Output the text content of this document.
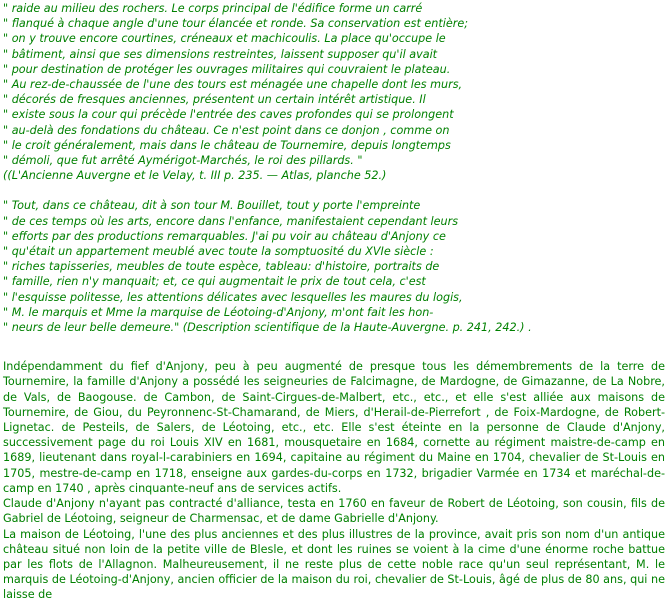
" raide au milieu des rochers. Le corps principal de l'édifice forme un carré
" flanqué à chaque angle d'une tour élancée et ronde. Sa conservation est entière;
" on y trouve encore courtines, créneaux et machicoulis. La place qu'occupe le
" bâtiment, ainsi que ses dimensions restreintes, laissent supposer qu'il avait
" pour destination de protéger les ouvrages militaires qui couvraient le plateau.
" Au rez-de-chaussée de l'une des tours est ménagée une chapelle dont les murs,
" décorés de fresques anciennes, présentent un certain intérêt artistique. Il
" existe sous la cour qui précède l'entrée des caves profondes qui se prolongent
" au-delà des fondations du château. Ce n'est point dans ce donjon , comme on
" le croit généralement, mais dans le château de Tournemire, depuis longtemps
" démoli, que fut arrêté Aymérigot-Marchés, le roi des pillards. "
((L'Ancienne Auvergne et le Velay, t. III p. 235. — Atlas, planche 52.)
" Tout, dans ce château, dit à son tour M. Bouillet, tout y porte l'empreinte
" de ces temps où les arts, encore dans l'enfance, manifestaient cependant leurs
" efforts par des productions remarquables. J'ai pu voir au château d'Anjony ce
" qu'était un appartement meublé avec toute la somptuosité du XVIe siècle :
" riches tapisseries, meubles de toute espèce, tableau: d'histoire, portraits de
" famille, rien n'y manquait; et, ce qui augmentait le prix de tout cela, c'est
" l'esquisse politesse, les attentions délicates avec lesquelles les maures du logis,
" M. le marquis et Mme la marquise de Léotoing-d'Anjony, m'ont fait les hon-
" neurs de leur belle demeure." (Description scientifique de la Haute-Auvergne. p. 241, 242.) .

Indépendamment du fief d'Anjony, peu à peu augmenté de presque tous les démembrements de la terre de Tournemire, la famille d'Anjony a possédé les seigneuries de Falcimagne, de Mardogne, de Gimazanne, de La Nobre, de Vals, de Baogouse. de Cambon, de Saint-Cirgues-de-Malbert, etc., etc., et elle s'est alliée aux maisons de Tournemire, de Giou, du Peyronnenc-St-Chamarand, de Miers, d'Herail-de-Pierrefort , de Foix-Mardogne, de Robert-Lignetac. de Pesteils, de Salers, de Léotoing, etc., etc. Elle s'est éteinte en la personne de Claude d'Anjony, successivement page du roi Louis XIV en 1681, mousquetaire en 1684, cornette au régiment maistre-de-camp en 1689, lieutenant dans royal-l-carabiniers en 1694, capitaine au régiment du Maine en 1704, chevalier de St-Louis en 1705, mestre-de-camp en 1718, enseigne aux gardes-du-corps en 1732, brigadier Varmée en 1734 et maréchal-de-camp en 1740 , après cinquante-neuf ans de services actifs.

Claude d'Anjony n'ayant pas contracté d'alliance, testa en 1760 en faveur de Robert de Léotoing, son cousin, fils de Gabriel de Léotoing, seigneur de Charmensac, et de dame Gabrielle d'Anjony.

La maison de Léotoing, l'une des plus anciennes et des plus illustres de la province, avait pris son nom d'un antique château situé non loin de la petite ville de Blesle, et dont les ruines se voient à la cime d'une énorme roche battue par les flots de l'Allagnon. Malheureusement, il ne reste plus de cette noble race qu'un seul représentant, M. le marquis de Léotoing-d'Anjony, ancien officier de la maison du roi, chevalier de St-Louis, âgé de plus de 80 ans, qui ne laisse de
